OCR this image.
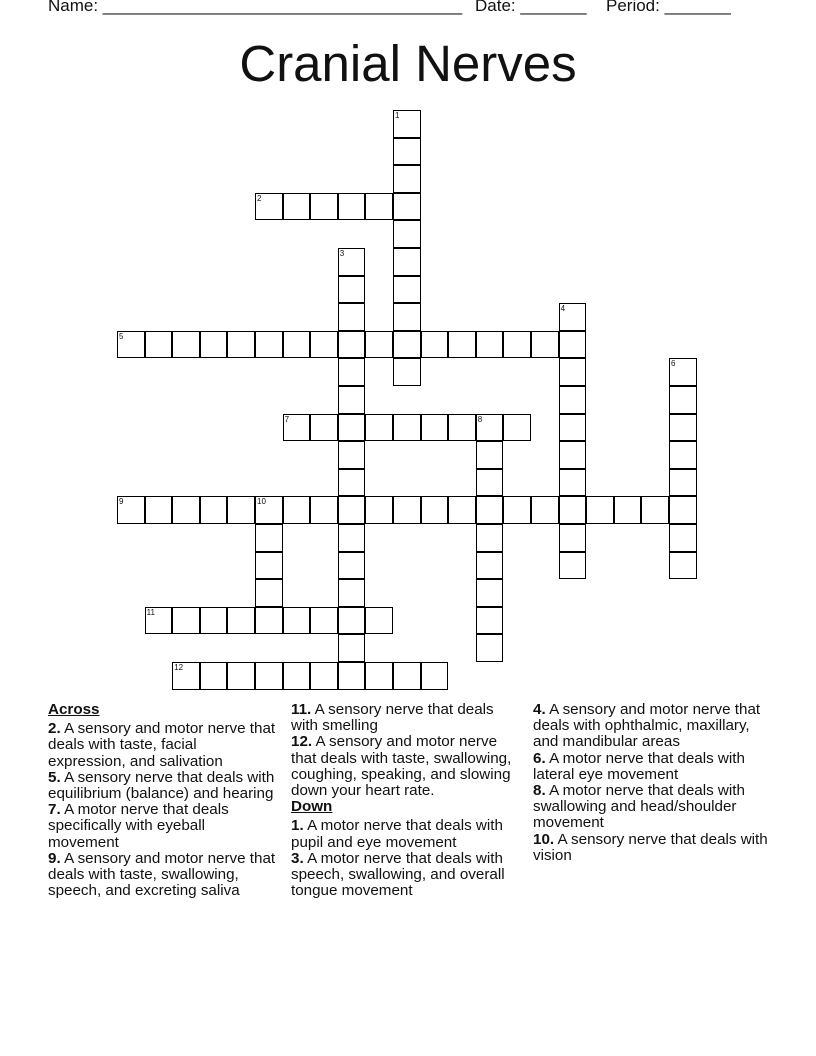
Name: ______________________________________ Date: _______ Period: _______
Cranial Nerves
1
2
3
4
5
6
7	8
9	10
11
12

Across

2. A sensory and motor nerve that deals with taste, facial expression, and salivation

5. A sensory nerve that deals with equilibrium (balance) and hearing

7. A motor nerve that deals specifically with eyeball movement

9. A sensory and motor nerve that deals with taste, swallowing, speech, and excreting saliva

11. A sensory nerve that deals with smelling

12. A sensory and motor nerve that deals with taste, swallowing, coughing, speaking, and slowing down your heart rate.

Down

1. A motor nerve that deals with pupil and eye movement

3. A motor nerve that deals with speech, swallowing, and overall tongue movement

4. A sensory and motor nerve that deals with ophthalmic, maxillary, and mandibular areas

6. A motor nerve that deals with lateral eye movement

8. A motor nerve that deals with swallowing and head/shoulder movement

10. A sensory nerve that deals with vision
